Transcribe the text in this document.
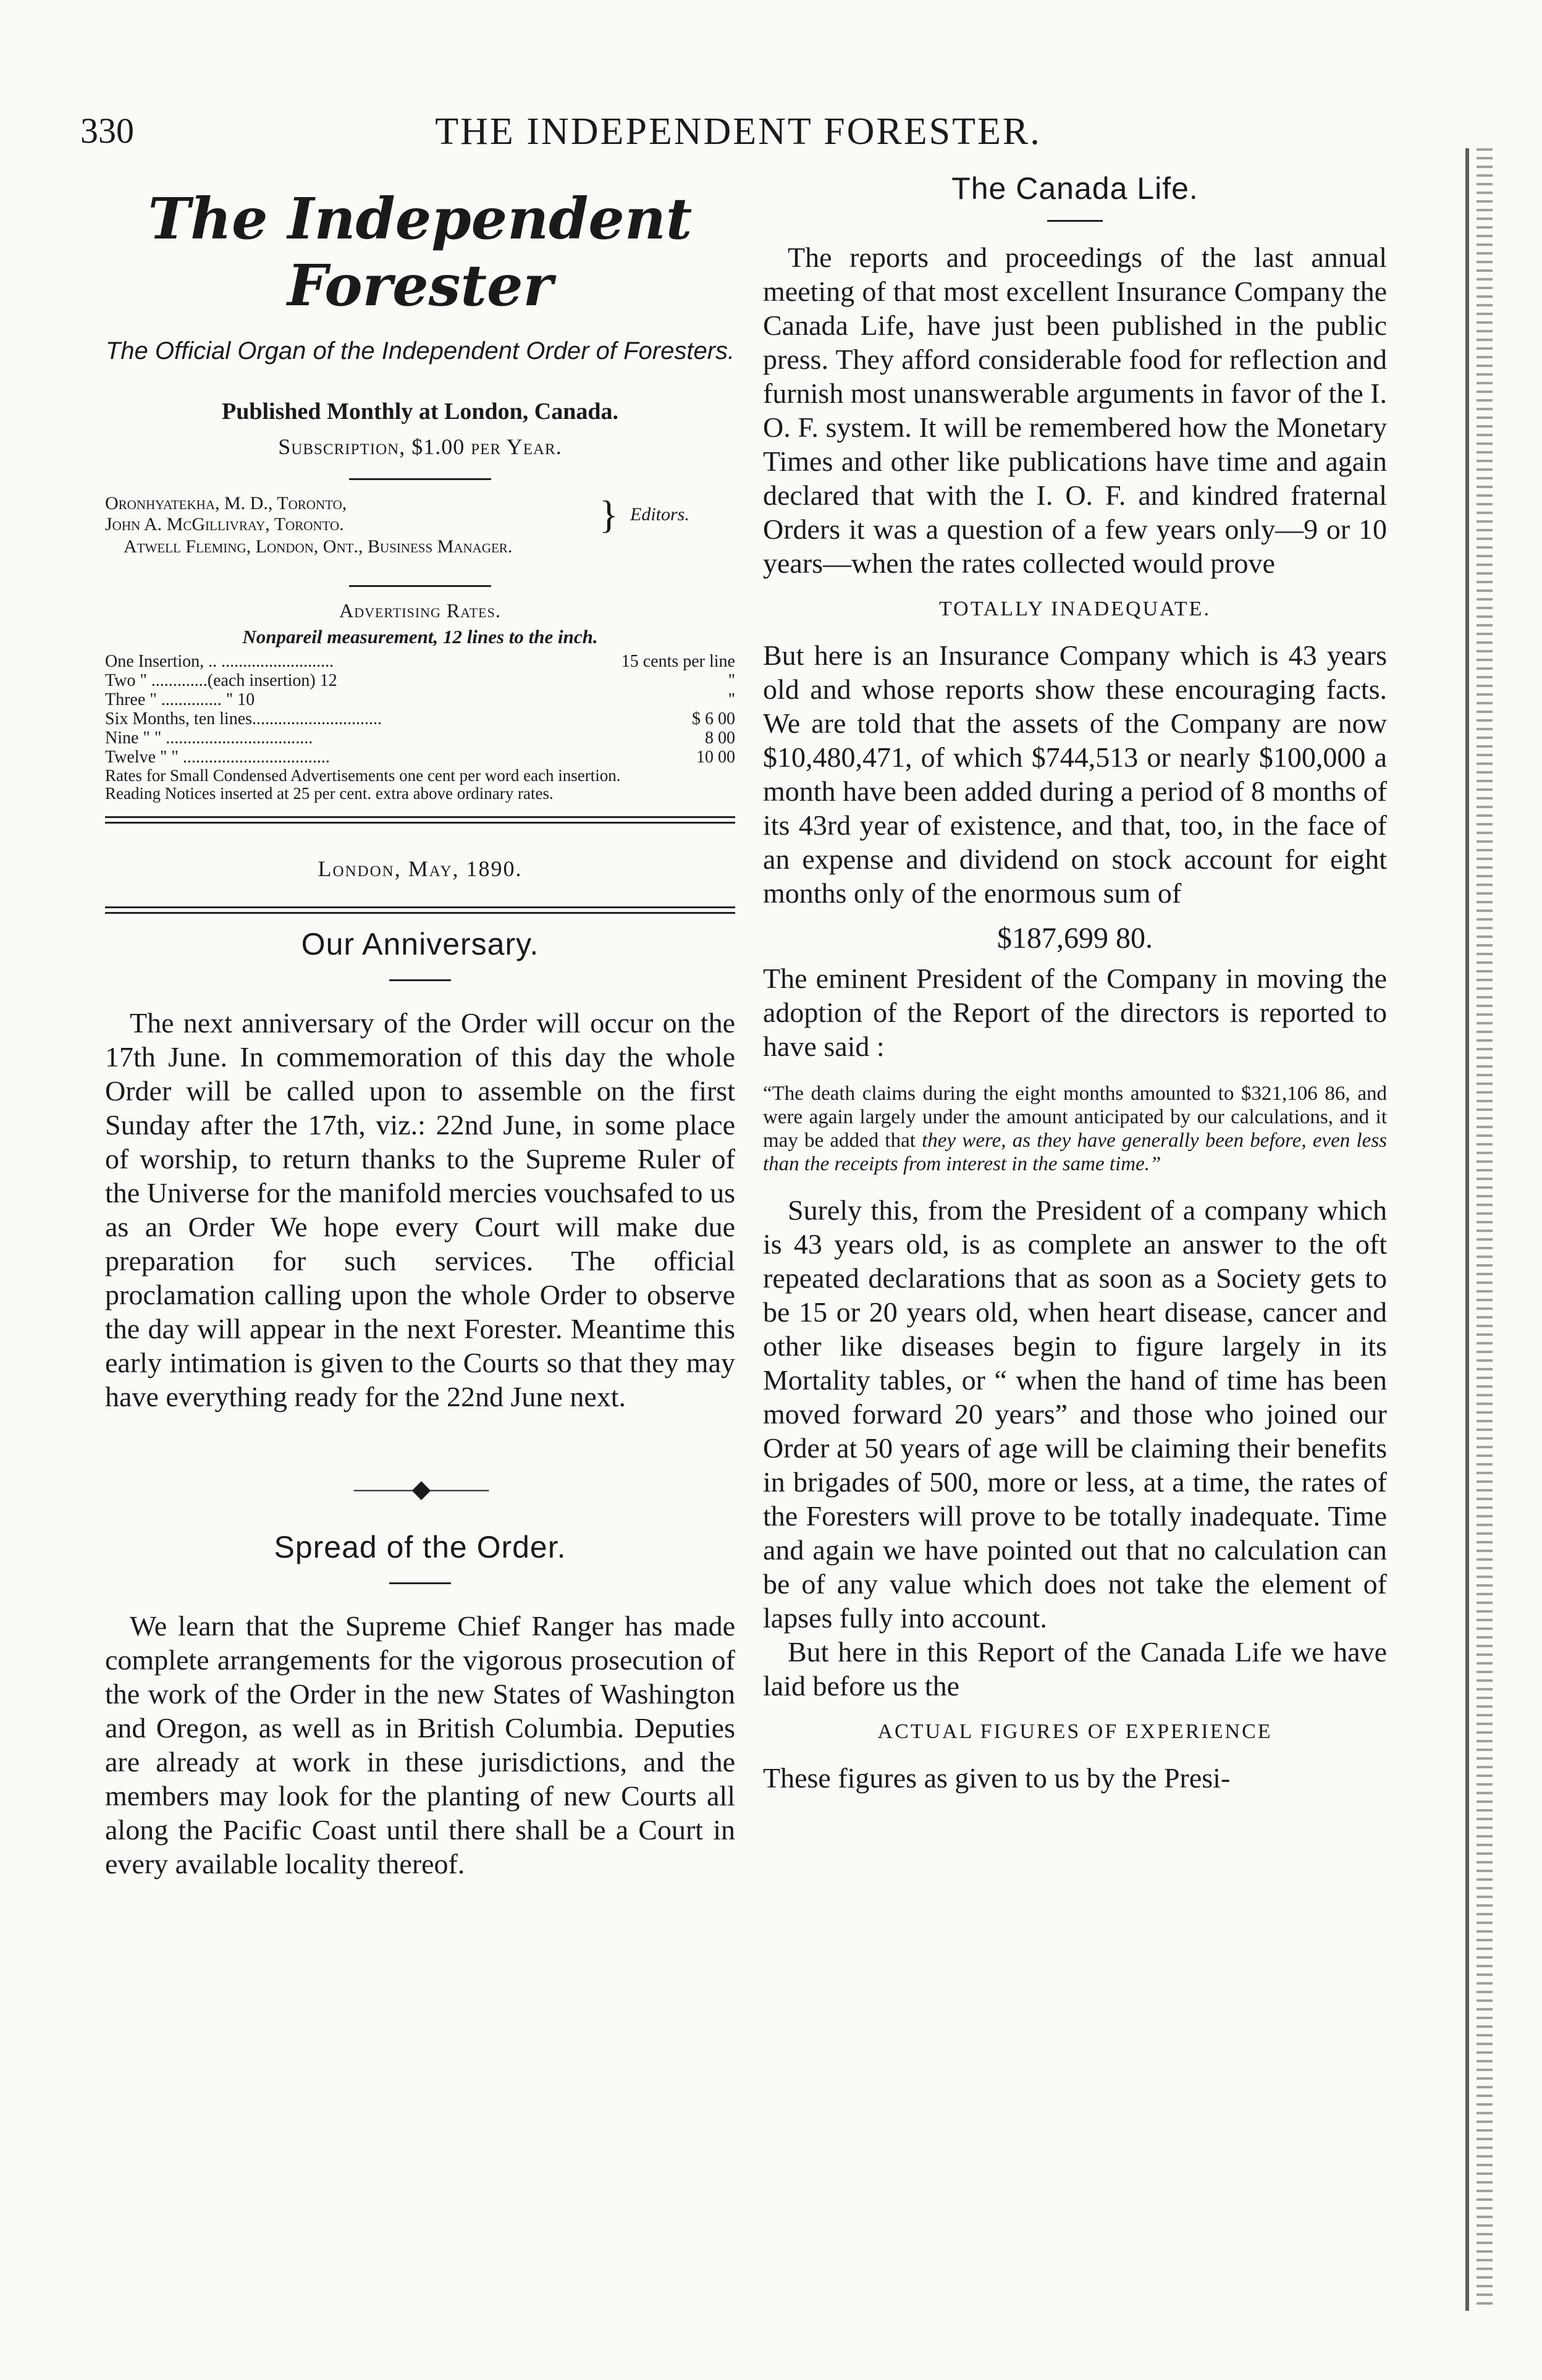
330	THE INDEPENDENT FORESTER.
The Independent Forester
The Official Organ of the Independent Order of Foresters.
Published Monthly at London, Canada.
Subscription, $1.00 per Year.
Oronhyatekha, M. D., Toronto,
John A. McGillivray, Toronto.	} Editors.
Atwell Fleming, London, Ont., Business Manager.
Advertising Rates.
Nonpareil measurement, 12 lines to the inch.
One Insertion, .. ..........................	15 cents per line
Two " .............(each insertion) 12	"
Three " .............. " 10	"
Six Months, ten lines..............................	$ 6 00
Nine " " ..................................	8 00
Twelve " " ..................................	10 00
Rates for Small Condensed Advertisements one cent per word each insertion.
Reading Notices inserted at 25 per cent. extra above ordinary rates.
London, May, 1890.
Our Anniversary.

The next anniversary of the Order will occur on the 17th June. In commemoration of this day the whole Order will be called upon to assemble on the first Sunday after the 17th, viz.: 22nd June, in some place of worship, to return thanks to the Supreme Ruler of the Universe for the manifold mercies vouchsafed to us as an Order We hope every Court will make due preparation for such services. The official proclamation calling upon the whole Order to observe the day will appear in the next Forester. Meantime this early intimation is given to the Courts so that they may have everything ready for the 22nd June next.

⸻◆⸻
Spread of the Order.

We learn that the Supreme Chief Ranger has made complete arrangements for the vigorous prosecution of the work of the Order in the new States of Washington and Oregon, as well as in British Columbia. Deputies are already at work in these jurisdictions, and the members may look for the planting of new Courts all along the Pacific Coast until there shall be a Court in every available locality thereof.

The Canada Life.

The reports and proceedings of the last annual meeting of that most excellent Insurance Company the Canada Life, have just been published in the public press. They afford considerable food for reflection and furnish most unanswerable arguments in favor of the I. O. F. system. It will be remembered how the Monetary Times and other like publications have time and again declared that with the I. O. F. and kindred fraternal Orders it was a question of a few years only—9 or 10 years—when the rates collected would prove

TOTALLY INADEQUATE.

But here is an Insurance Company which is 43 years old and whose reports show these encouraging facts. We are told that the assets of the Company are now $10,480,471, of which $744,513 or nearly $100,000 a month have been added during a period of 8 months of its 43rd year of existence, and that, too, in the face of an expense and dividend on stock account for eight months only of the enormous sum of

$187,699 80.

The eminent President of the Company in moving the adoption of the Report of the directors is reported to have said :

“The death claims during the eight months amounted to $321,106 86, and were again largely under the amount anticipated by our calculations, and it may be added that they were, as they have generally been before, even less than the receipts from interest in the same time.”

Surely this, from the President of a company which is 43 years old, is as complete an answer to the oft repeated declarations that as soon as a Society gets to be 15 or 20 years old, when heart disease, cancer and other like diseases begin to figure largely in its Mortality tables, or “ when the hand of time has been moved forward 20 years” and those who joined our Order at 50 years of age will be claiming their benefits in brigades of 500, more or less, at a time, the rates of the Foresters will prove to be totally inadequate. Time and again we have pointed out that no calculation can be of any value which does not take the element of lapses fully into account.

But here in this Report of the Canada Life we have laid before us the

ACTUAL FIGURES OF EXPERIENCE

These figures as given to us by the Presi-
